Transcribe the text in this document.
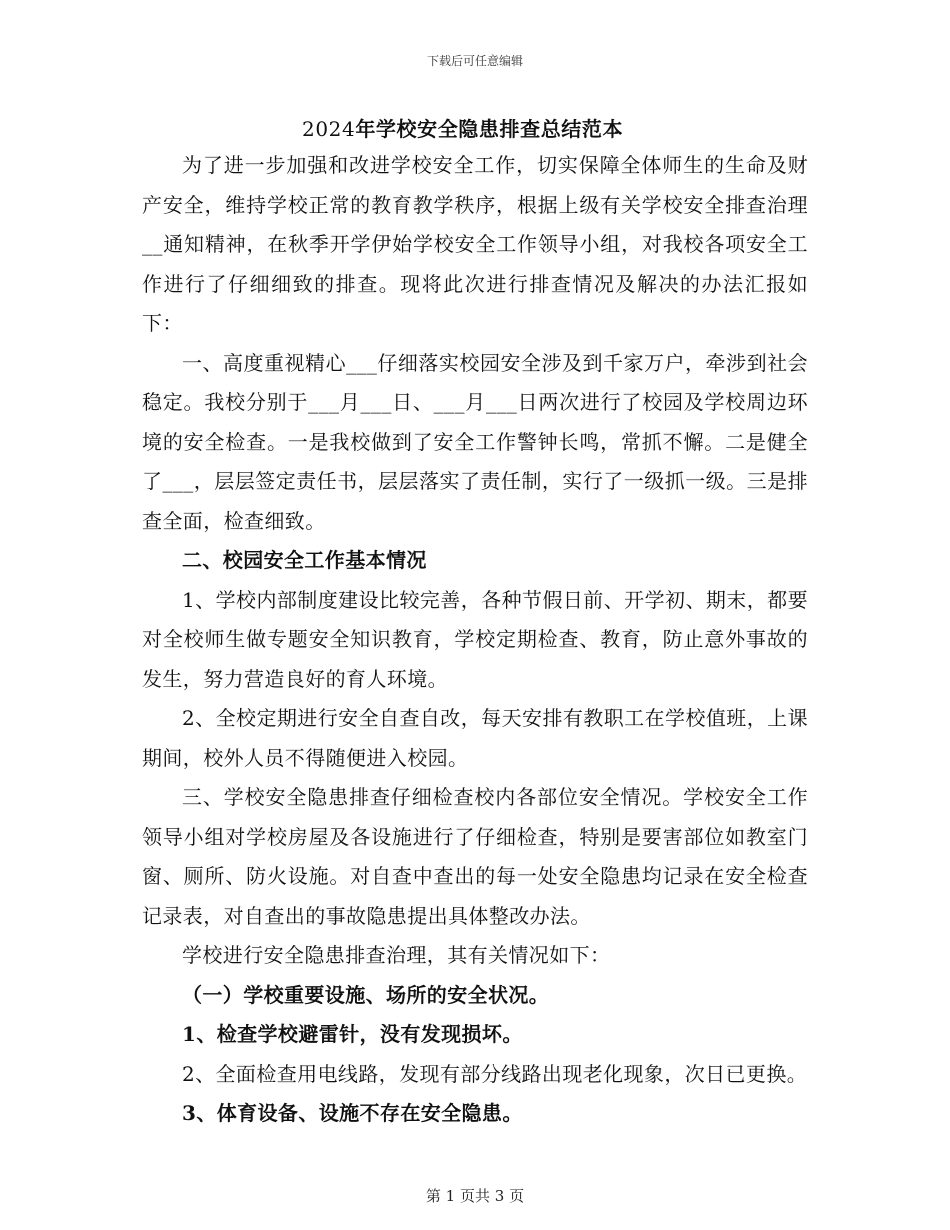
下载后可任意编辑
2024年学校安全隐患排查总结范本

为了进一步加强和改进学校安全工作，切实保障全体师生的生命及财产安全，维持学校正常的教育教学秩序，根据上级有关学校安全排查治理__通知精神，在秋季开学伊始学校安全工作领导小组，对我校各项安全工作进行了仔细细致的排查。现将此次进行排查情况及解决的办法汇报如下：

一、高度重视精心___仔细落实校园安全涉及到千家万户，牵涉到社会稳定。我校分别于___月___日、___月___日两次进行了校园及学校周边环境的安全检查。一是我校做到了安全工作警钟长鸣，常抓不懈。二是健全了___，层层签定责任书，层层落实了责任制，实行了一级抓一级。三是排查全面，检查细致。

二、校园安全工作基本情况

1、学校内部制度建设比较完善，各种节假日前、开学初、期末，都要对全校师生做专题安全知识教育，学校定期检查、教育，防止意外事故的发生，努力营造良好的育人环境。

2、全校定期进行安全自查自改，每天安排有教职工在学校值班，上课期间，校外人员不得随便进入校园。

三、学校安全隐患排查仔细检查校内各部位安全情况。学校安全工作领导小组对学校房屋及各设施进行了仔细检查，特别是要害部位如教室门窗、厕所、防火设施。对自查中查出的每一处安全隐患均记录在安全检查记录表，对自查出的事故隐患提出具体整改办法。

学校进行安全隐患排查治理，其有关情况如下：

（一）学校重要设施、场所的安全状况。

1、检查学校避雷针，没有发现损坏。

2、全面检查用电线路，发现有部分线路出现老化现象，次日已更换。

3、体育设备、设施不存在安全隐患。

第 1 页共 3 页
